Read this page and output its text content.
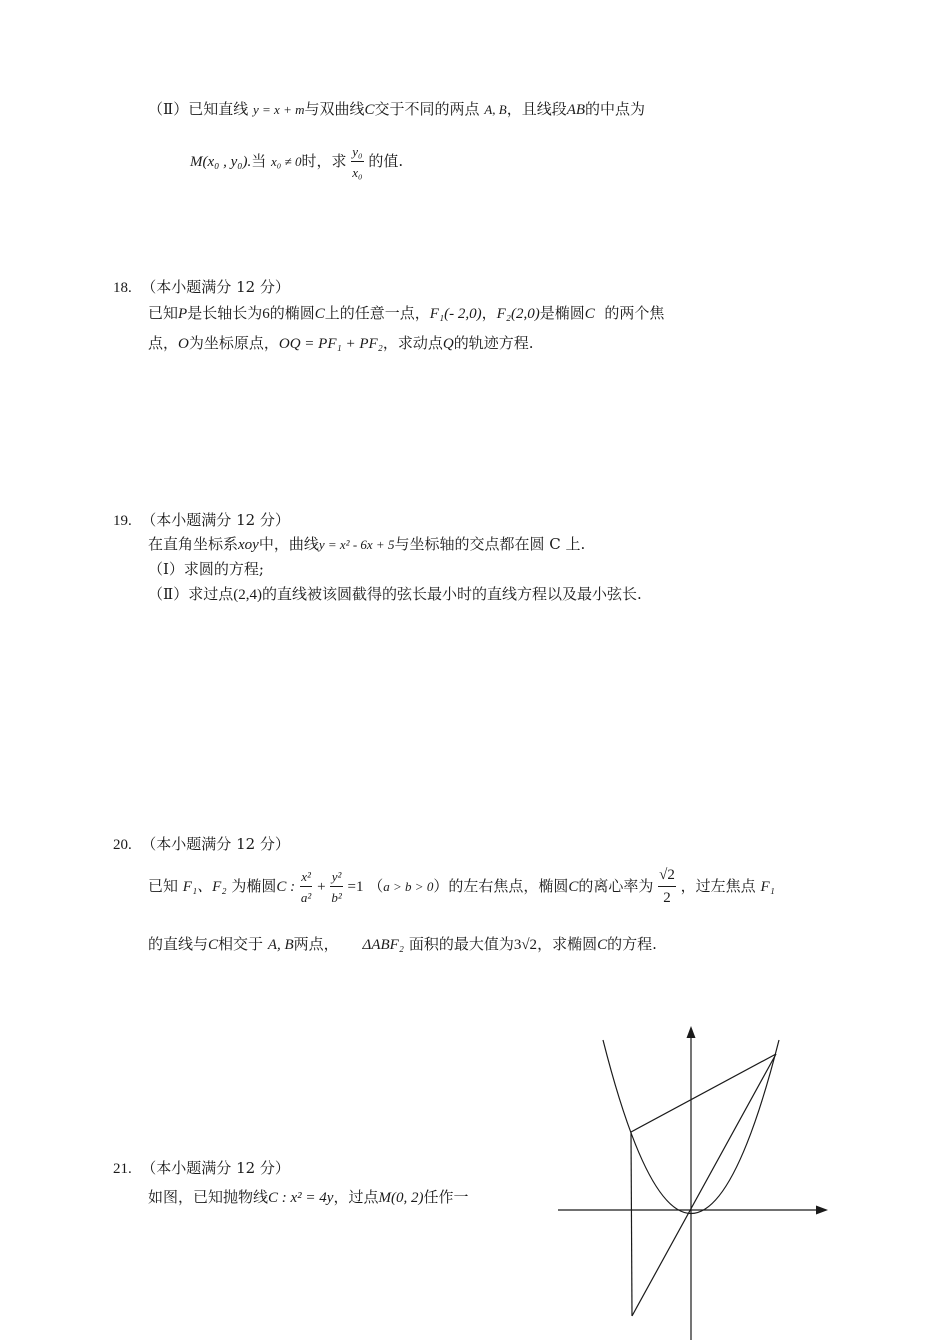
（Ⅱ）已知直线 y = x + m与双曲线C交于不同的两点 A, B，且线段AB的中点为
M(x₀ , y₀).当 x₀ ≠ 0时，求 $\frac{\text{y₀}}{\text{x₀}}$ 的值.
18. （本小题满分 12 分）
已知P是长轴长为6的椭圆C上的任意一点，F₁(- 2,0)，F₂(2,0)是椭圆C 的两个焦
点，O为坐标原点，OQ = PF₁ + PF₂，求动点Q的轨迹方程.
19. （本小题满分 12 分）
在直角坐标系xoy中，曲线y = x² - 6x + 5与坐标轴的交点都在圆 C 上.
（Ⅰ）求圆的方程;
（Ⅱ）求过点(2,4)的直线被该圆截得的弦长最小时的直线方程以及最小弦长.
20. （本小题满分 12 分）
已知 F₁、F₂ 为椭圆C : $\frac{\text{x²}}{\text{a²}} + \frac{\text{y²}}{\text{b²}} =1$ （a > b > 0）的左右焦点，椭圆C的离心率为 $\frac{√2}{2}$ ，过左焦点 F₁
的直线与C相交于 A, B两点， ΔABF₂ 面积的最大值为3√2，求椭圆C的方程.
21. （本小题满分 12 分）
如图，已知抛物线C : x² = 4y，过点M(0, 2)任作一
